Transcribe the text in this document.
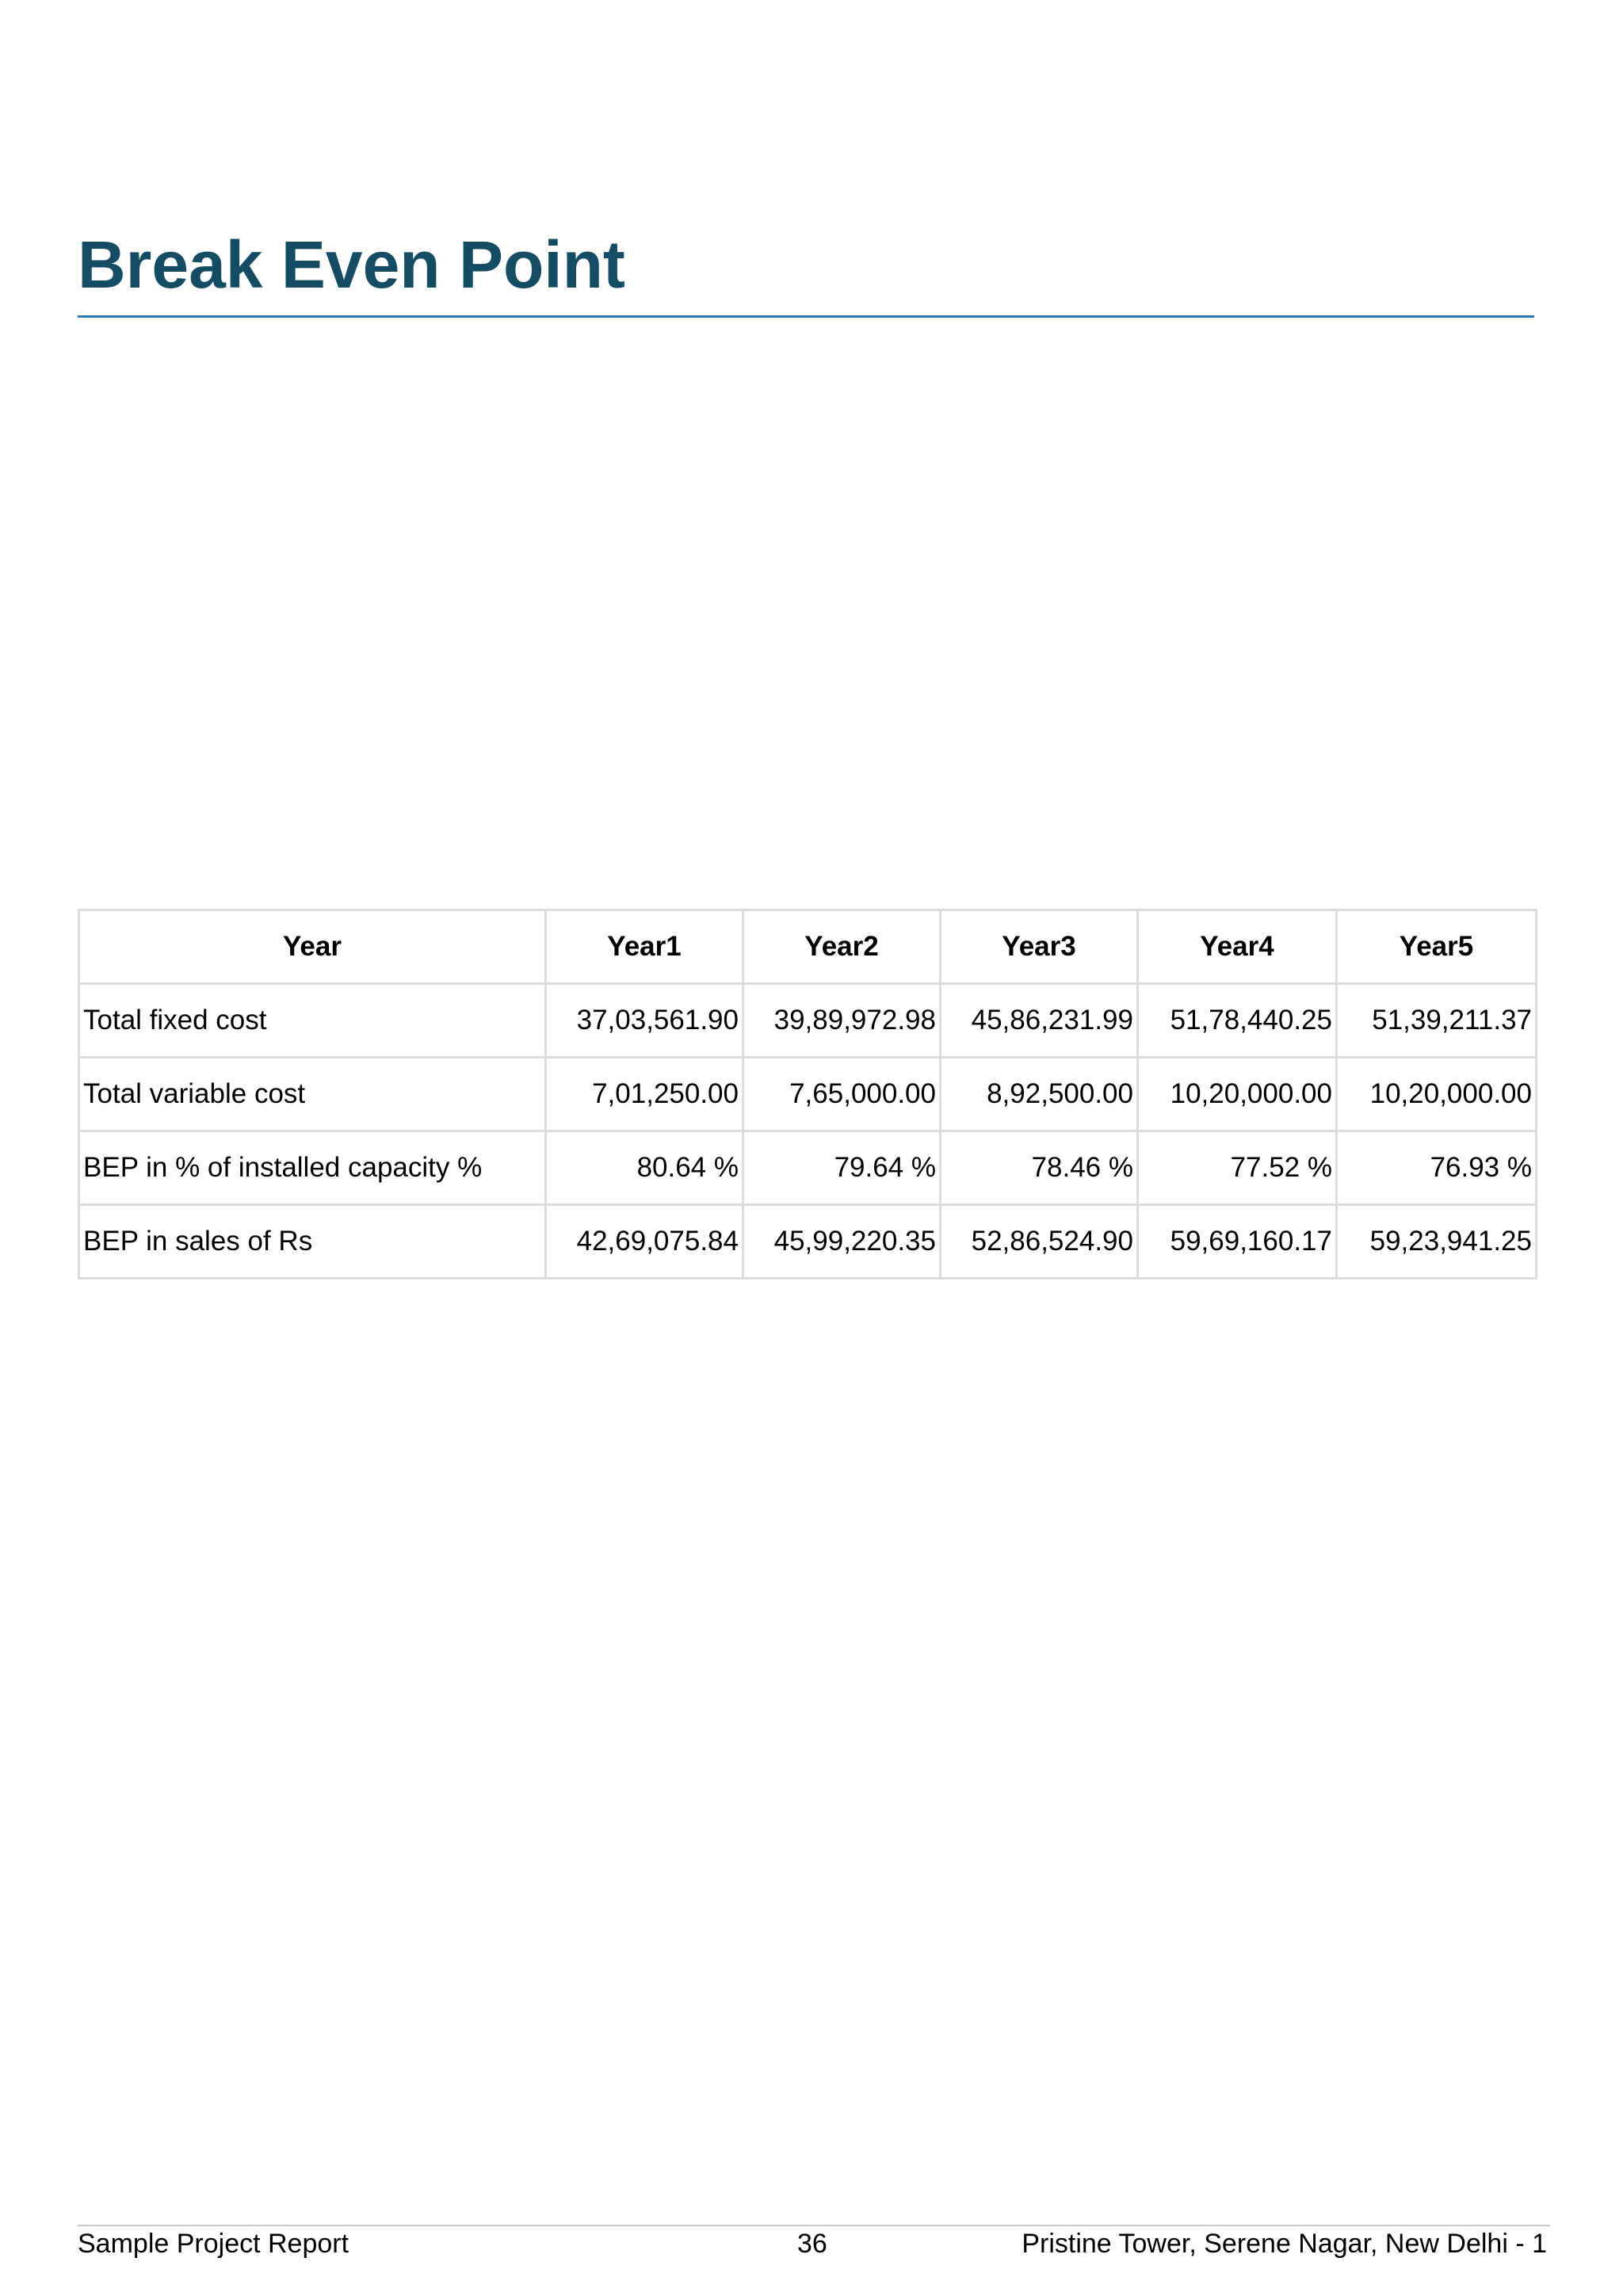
Break Even Point
Year	Year1	Year2	Year3	Year4	Year5
Total fixed cost	37,03,561.90	39,89,972.98	45,86,231.99	51,78,440.25	51,39,211.37
Total variable cost	7,01,250.00	7,65,000.00	8,92,500.00	10,20,000.00	10,20,000.00
BEP in % of installed capacity %	80.64 %	79.64 %	78.46 %	77.52 %	76.93 %
BEP in sales of Rs	42,69,075.84	45,99,220.35	52,86,524.90	59,69,160.17	59,23,941.25
Sample Project Report	36	Pristine Tower, Serene Nagar, New Delhi - 1
